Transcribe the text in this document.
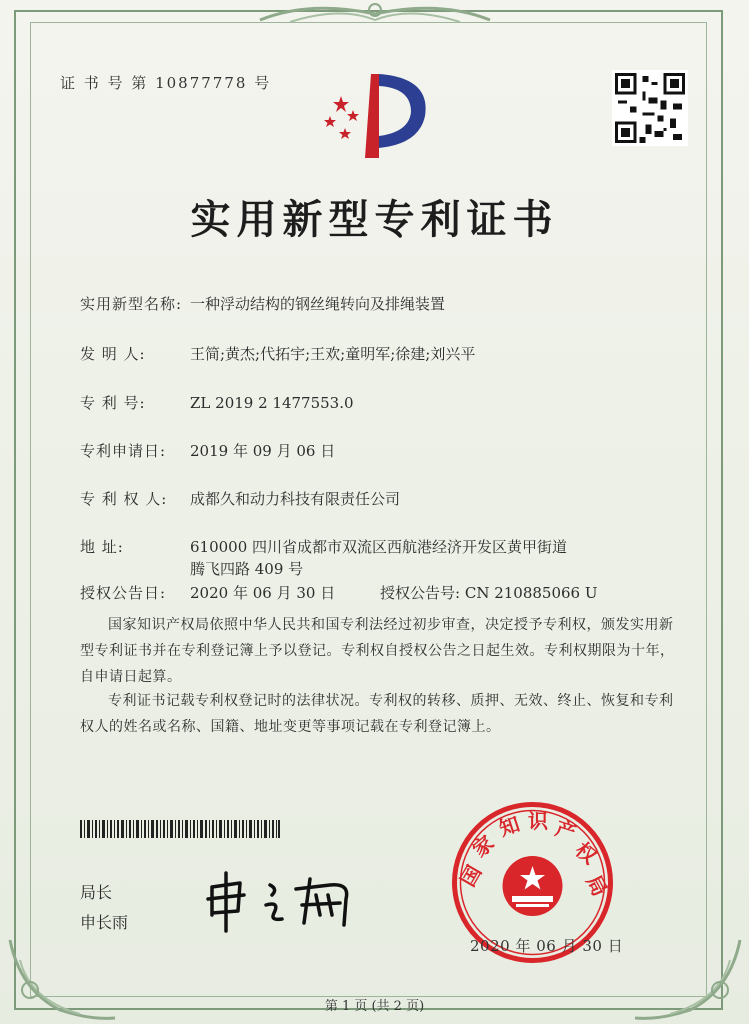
证 书 号 第 10877778 号
实用新型专利证书
实用新型名称: 一种浮动结构的钢丝绳转向及排绳装置
发 明 人:	王简;黄杰;代拓宇;王欢;童明军;徐建;刘兴平
专 利 号:	ZL 2019 2 1477553.0
专利申请日: 2019 年 09 月 06 日
专 利 权 人: 成都久和动力科技有限责任公司
地 址:	610000 四川省成都市双流区西航港经济开发区黄甲街道
腾飞四路 409 号
授权公告日: 2020 年 06 月 30 日	授权公告号: CN 210885066 U
国家知识产权局依照中华人民共和国专利法经过初步审查，决定授予专利权，颁发实用新型专利证书并在专利登记簿上予以登记。专利权自授权公告之日起生效。专利权期限为十年，自申请日起算。
专利证书记载专利权登记时的法律状况。专利权的转移、质押、无效、终止、恢复和专利权人的姓名或名称、国籍、地址变更等事项记载在专利登记簿上。
局长
申长雨
国
家
知 识 产
权
局
2020 年 06 月 30 日
第 1 页 (共 2 页)
